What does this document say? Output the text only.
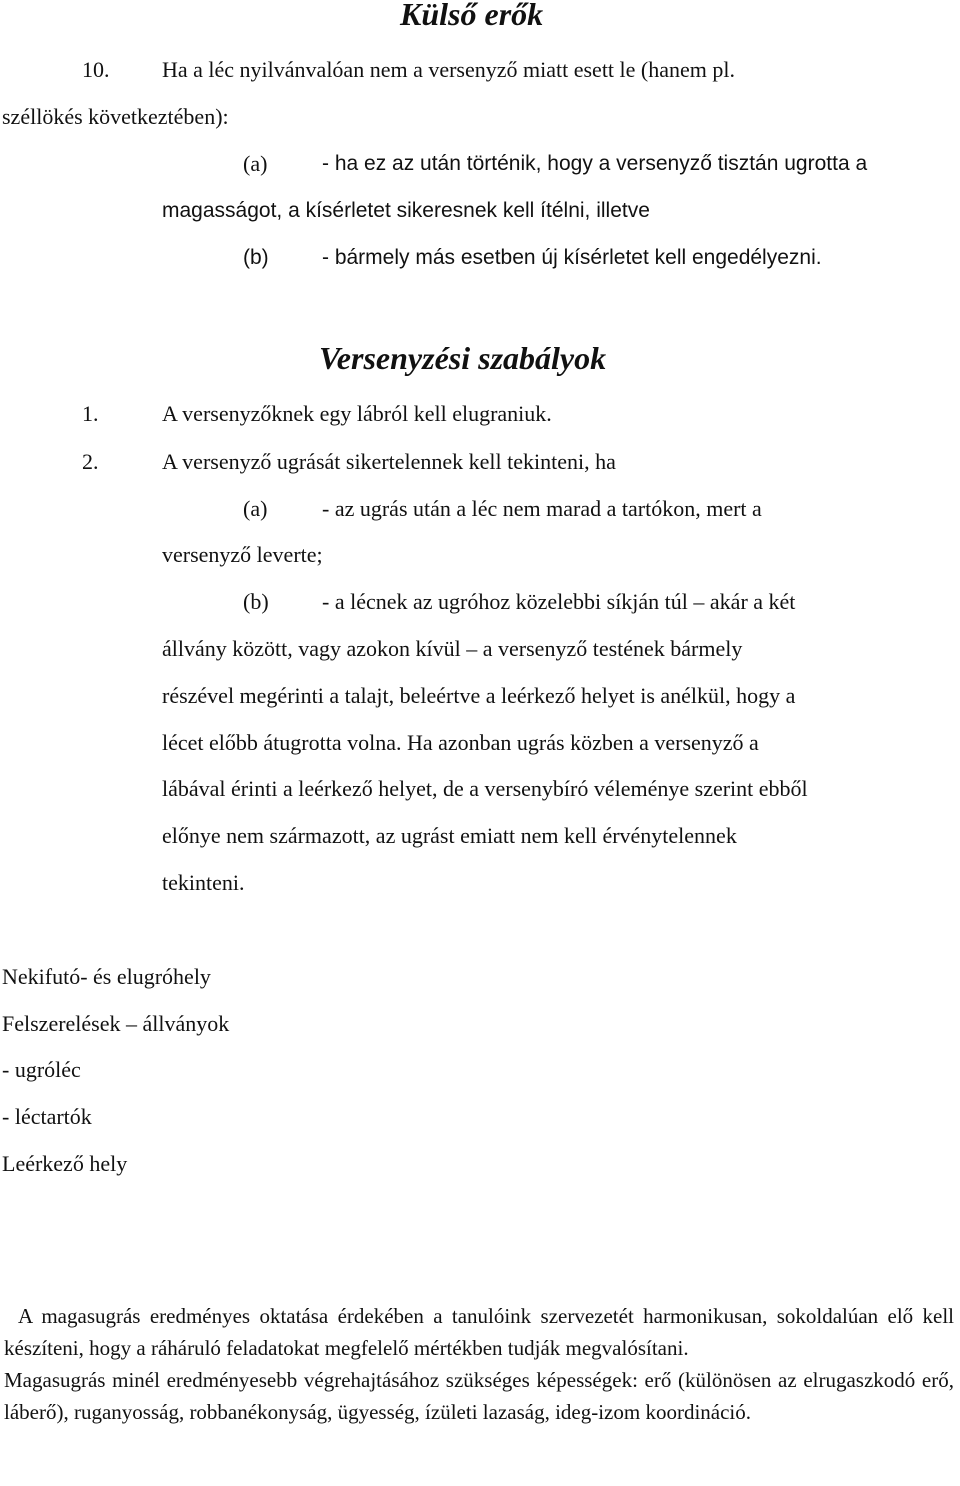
Külső erők
10. Ha a léc nyilvánvalóan nem a versenyző miatt esett le (hanem pl.
széllökés következtében):
(a)	- ha ez az után történik, hogy a versenyző tisztán ugrotta a
magasságot, a kísérletet sikeresnek kell ítélni, illetve
(b)	- bármely más esetben új kísérletet kell engedélyezni.
Versenyzési szabályok
1.	A versenyzőknek egy lábról kell elugraniuk.
2.	A versenyző ugrását sikertelennek kell tekinteni, ha
(a) - az ugrás után a léc nem marad a tartókon, mert a
versenyző leverte;
(b) - a lécnek az ugróhoz közelebbi síkján túl – akár a két
állvány között, vagy azokon kívül – a versenyző testének bármely
részével megérinti a talajt, beleértve a leérkező helyet is anélkül, hogy a
lécet előbb átugrotta volna. Ha azonban ugrás közben a versenyző a
lábával érinti a leérkező helyet, de a versenybíró véleménye szerint ebből
előnye nem származott, az ugrást emiatt nem kell érvénytelennek
tekinteni.
Nekifutó- és elugróhely
Felszerelések – állványok
- ugróléc
- léctartók
Leérkező hely

A magasugrás eredményes oktatása érdekében a tanulóink szervezetét harmonikusan, sokoldalúan elő kell készíteni, hogy a ráháruló feladatokat megfelelő mértékben tudják megvalósítani.

Magasugrás minél eredményesebb végrehajtásához szükséges képességek: erő (különösen az elrugaszkodó erő, láberő), ruganyosság, robbanékonyság, ügyesség, ízületi lazaság, ideg-izom koordináció.
